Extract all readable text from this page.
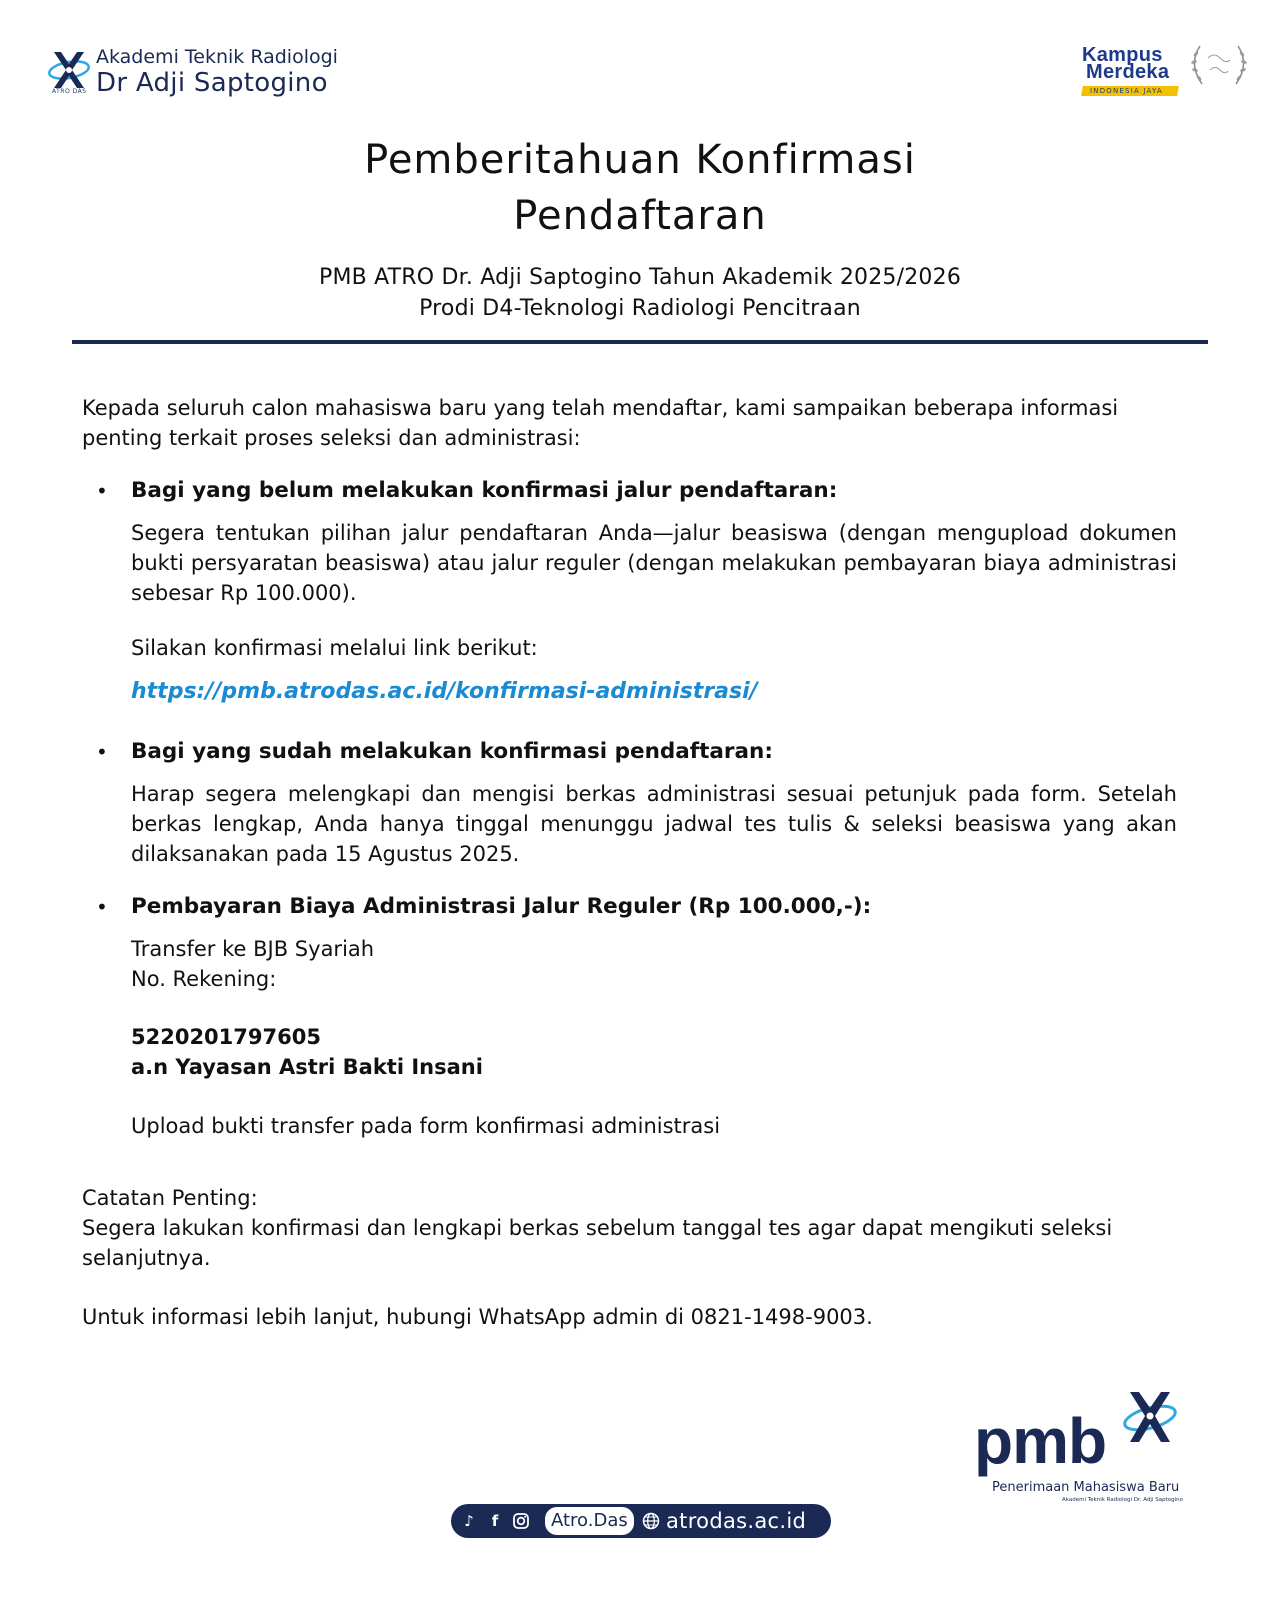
ATRO DAS
Akademi Teknik Radiologi
Dr Adji Saptogino
Kampus
Merdeka
INDONESIA JAYA
Pemberitahuan Konfirmasi
Pendaftaran
PMB ATRO Dr. Adji Saptogino Tahun Akademik 2025/2026
Prodi D4-Teknologi Radiologi Pencitraan
Kepada seluruh calon mahasiswa baru yang telah mendaftar, kami sampaikan beberapa informasi penting terkait proses seleksi dan administrasi:
• Bagi yang belum melakukan konfirmasi jalur pendaftaran:
Segera tentukan pilihan jalur pendaftaran Anda—jalur beasiswa (dengan mengupload dokumen bukti persyaratan beasiswa) atau jalur reguler (dengan melakukan pembayaran biaya administrasi sebesar Rp 100.000).
Silakan konfirmasi melalui link berikut:
https://pmb.atrodas.ac.id/konfirmasi-administrasi/
• Bagi yang sudah melakukan konfirmasi pendaftaran:
Harap segera melengkapi dan mengisi berkas administrasi sesuai petunjuk pada form. Setelah berkas lengkap, Anda hanya tinggal menunggu jadwal tes tulis & seleksi beasiswa yang akan dilaksanakan pada 15 Agustus 2025.
• Pembayaran Biaya Administrasi Jalur Reguler (Rp 100.000,-):
Transfer ke BJB Syariah
No. Rekening:
5220201797605
a.n Yayasan Astri Bakti Insani
Upload bukti transfer pada form konfirmasi administrasi
Catatan Penting:
Segera lakukan konfirmasi dan lengkapi berkas sebelum tanggal tes agar dapat mengikuti seleksi selanjutnya.
Untuk informasi lebih lanjut, hubungi WhatsApp admin di 0821-1498-9003.
pmb
Penerimaan Mahasiswa Baru
Akademi Teknik Radiologi Dr. Adji Saptogino
♪	f	Atro.Das atrodas.ac.id
